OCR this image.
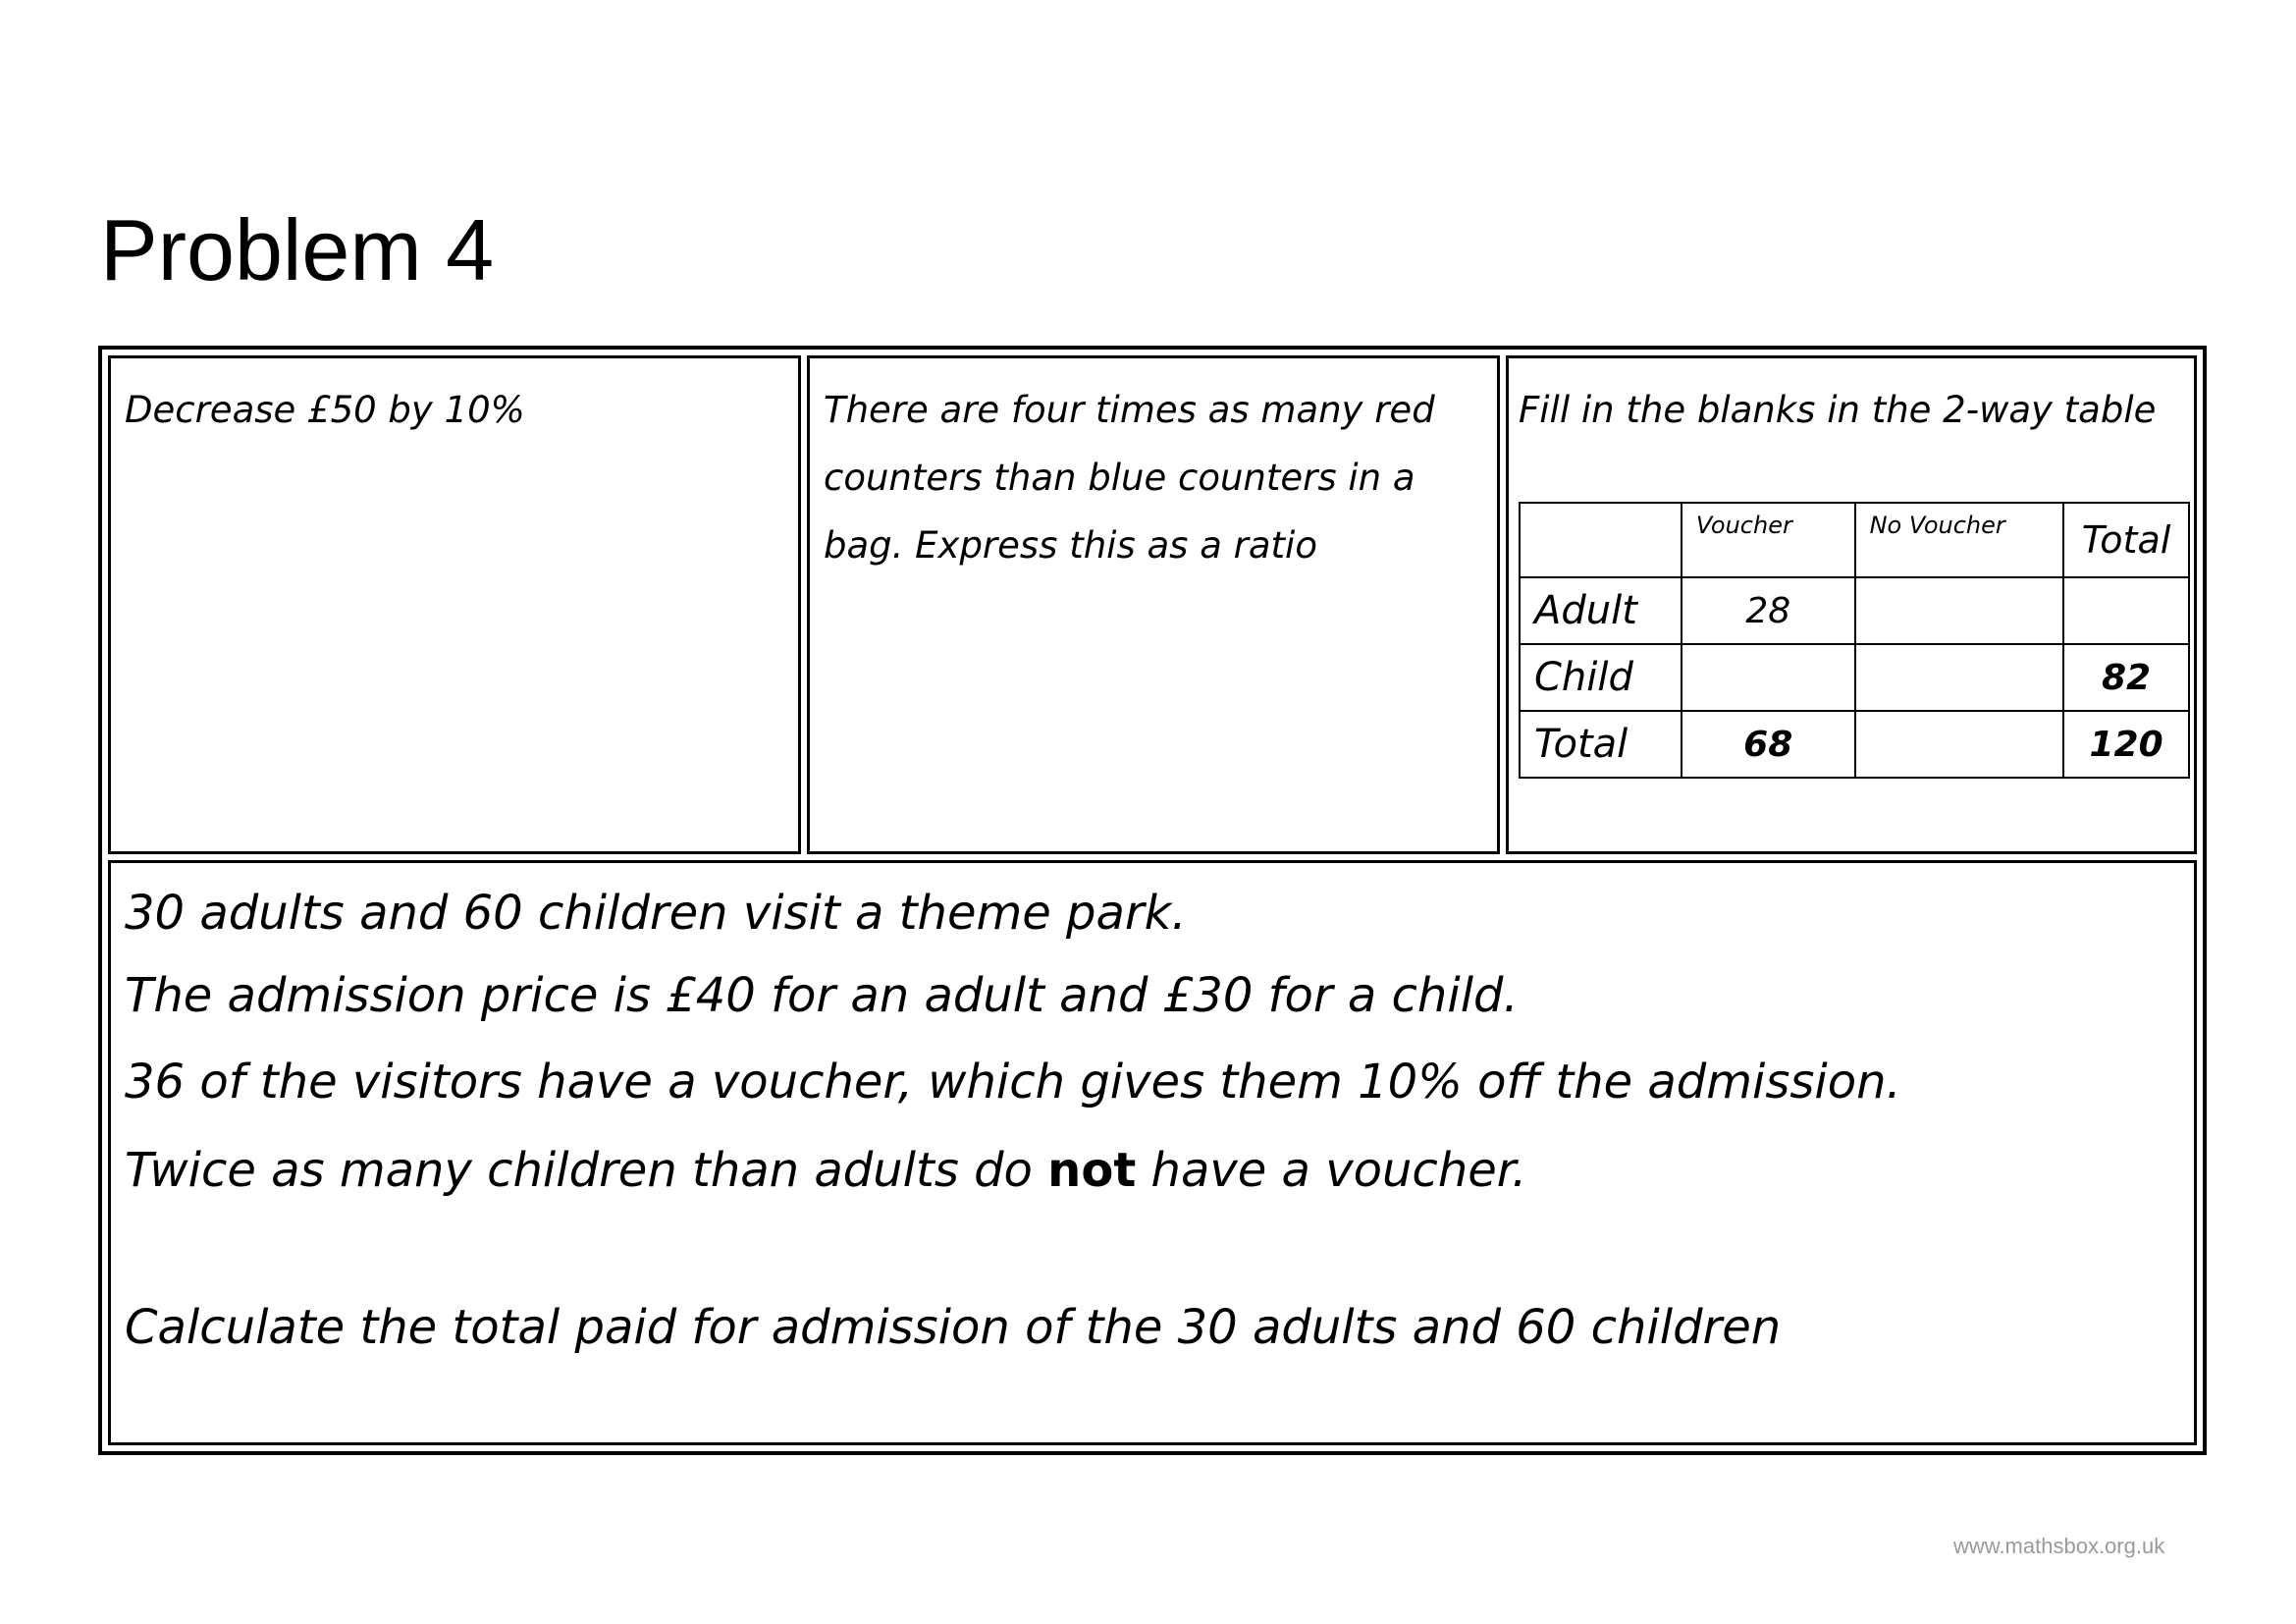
Problem 4

Decrease £50 by 10%	There are four times as many red counters than blue counters in a bag. Express this as a ratio

Fill in the blanks in the 2-way table

	Voucher	No Voucher	Total
Adult	28		
Child			82
Total	68		120
30 adults and 60 children visit a theme park.
The admission price is £40 for an adult and £30 for a child.
36 of the visitors have a voucher, which gives them 10% off the admission.
Twice as many children than adults do not have a voucher.
Calculate the total paid for admission of the 30 adults and 60 children
www.mathsbox.org.uk
